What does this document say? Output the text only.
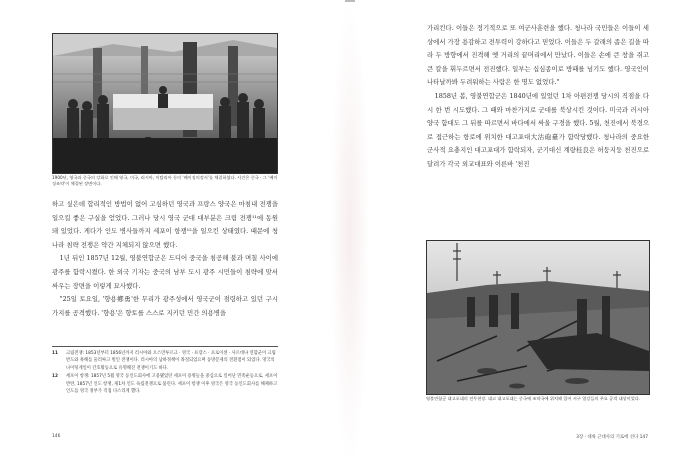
1900년, 영국과 중국의 강화로 인해 영국, 미국, 러시아, 이탈리아 등의 '베이징의정서'를 체결하였다. 사건은 중국 · 그 '베이징조약'이 체결된 장면이다.

하고 싶은데 합리적인 방법이 없어 고심하던 영국과 프랑스 양국은 마침내 전쟁을 일으킬 좋은 구실을 얻었다. 그러나 당시 영국 군대 대부분은 크림 전쟁¹¹에 동원돼 있었다. 게다가 인도 병사들까지 세포이 항쟁¹²을 일으킨 상태였다. 때문에 청나라 침략 전쟁은 약간 지체되지 않으면 했다.

1년 뒤인 1857년 12월, 영불연합군은 드디어 중국을 침공해 불과 며칠 사이에 광주를 함락시켰다. 한 외국 기자는 중국의 남부 도시 광주 시민들이 침략에 맞서 싸우는 장면을 이렇게 묘사했다.

"25일 토요일, '향용鄕勇'한 무리가 광주성에서 영국군이 점령하고 있던 구시가지를 공격했다. '향용'은 향토를 스스로 지키던 민간 의용병을

11	크림전쟁: 1853년부터 1856년까지 러시아와 오스만투르크 · 영국 · 프랑스 · 프로이센 · 사르데냐 연합군이 크림반도와 흑해를 둘러싸고 벌인 전쟁이다. 러시아의 남하정책이 좌절되었으며 동방문제의 전환점이 되었다. 영국의 나이팅게일이 간호활동으로 유명해진 전쟁이기도 하다.
12	세포이 항쟁: 1857년 5월 영국 동인도회사에 고용됐었던 세포이 용병들을 중심으로 일어난 민족운동으로, 세포이 반란, 1857년 인도 항쟁, 제1차 인도 독립전쟁으로 불린다. 세포이 항쟁 이후 영국은 영국 동인도회사를 해체하고 인도를 영국 정부가 직접 다스리게 했다.
146

가리킨다. 이들은 정기적으로 또 여군사훈련을 했다. 청나라 국민들은 이들이 세상에서 가장 용감하고 전투력이 강하다고 믿었다. 이들은 두 갈래의 좁은 길을 따라 두 방향에서 진격해 옛 거리의 끝머리에서 만났다. 이들은 손에 큰 창을 쥐고 큰 칼을 휘두르면서 전진했다. 일부는 십심종이로 방패를 넘기도 했다. 영국인이 나타날까봐 두려워하는 사람은 한 명도 없었다."

1858년 봄, 영불연합군은 1840년에 있었던 1차 아편전쟁 당시의 직점을 다시 한 번 시도했다. 그 때와 마찬가지로 군대를 북상시킨 것이다. 미국과 러시아 양국 함대도 그 뒤를 따르면서 바다에서 싸울 구경을 했다. 5월, 천진에서 북경으로 접근하는 항로에 위치한 대고포대大沽砲臺가 함락당했다. 청나라의 중요한 군사적 요충지인 대고포대가 함락되자, 군기대신 계량桂良은 허둥지둥 천진으로 달려가 각국 외교대표와 이른바 '천진

영불연합군 대고포대의 전투현장. 대고 대고포대는 중국에 조약국에 위치해 있어 서구 열강들의 주요 공격 대상이었다.
3장 · 대륙 근대사의 기로에 선다 147
